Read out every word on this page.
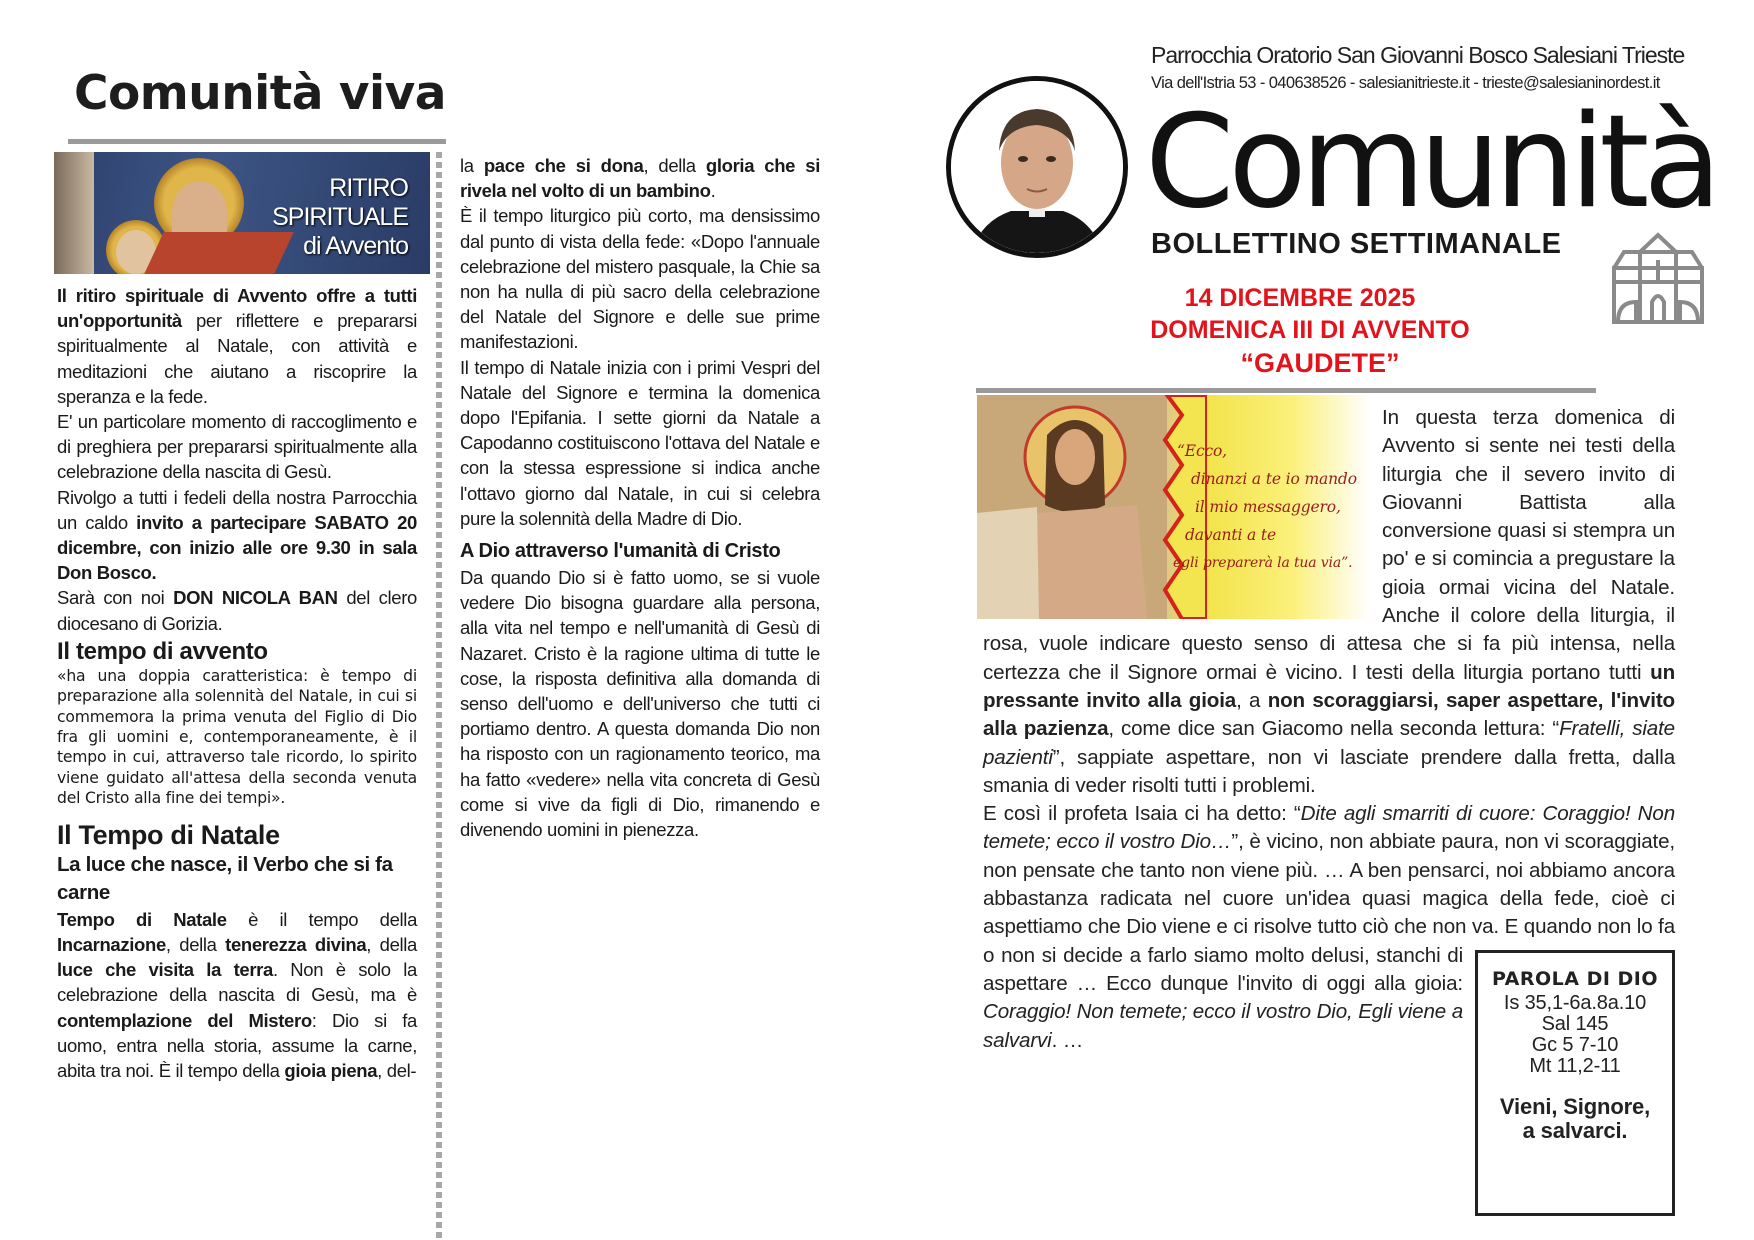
Comunità viva
RITIRO
SPIRITUALE
di Avvento

Il ritiro spirituale di Avvento offre a tutti un'opportunità per riflettere e prepararsi spiritualmente al Natale, con attività e meditazioni che aiutano a riscoprire la speranza e la fede.

E' un particolare momento di raccoglimento e di preghiera per prepararsi spiritualmente alla celebrazione della nascita di Gesù.

Rivolgo a tutti i fedeli della nostra Parrocchia un caldo invito a partecipare SABATO 20 dicembre, con inizio alle ore 9.30 in sala Don Bosco.

Sarà con noi DON NICOLA BAN del clero diocesano di Gorizia.

Il tempo di avvento

«ha una doppia caratteristica: è tempo di preparazione alla solennità del Natale, in cui si commemora la prima venuta del Figlio di Dio fra gli uomini e, contemporaneamente, è il tempo in cui, attraverso tale ricordo, lo spirito viene guidato all'attesa della seconda venuta del Cristo alla fine dei tempi».

Il Tempo di Natale

La luce che nasce, il Verbo che si fa carne

Tempo di Natale è il tempo della Incarnazione, della tenerezza divina, della luce che visita la terra. Non è solo la celebrazione della nascita di Gesù, ma è contemplazione del Mistero: Dio si fa uomo, entra nella storia, assume la carne, abita tra noi. È il tempo della gioia piena, del-

la pace che si dona, della gloria che si rivela nel volto di un bambino.

È il tempo liturgico più corto, ma densissimo dal punto di vista della fede: «Dopo l'annuale celebrazione del mistero pasquale, la Chie sa non ha nulla di più sacro della celebrazione del Natale del Signore e delle sue prime manifestazioni.

Il tempo di Natale inizia con i primi Vespri del Natale del Signore e termina la domenica dopo l'Epifania. I sette giorni da Natale a Capodanno costituiscono l'ottava del Natale e con la stessa espressione si indica anche l'ottavo giorno dal Natale, in cui si celebra pure la solennità della Madre di Dio.

A Dio attraverso l'umanità di Cristo

Da quando Dio si è fatto uomo, se si vuole vedere Dio bisogna guardare alla persona, alla vita nel tempo e nell'umanità di Gesù di Nazaret. Cristo è la ragione ultima di tutte le cose, la risposta definitiva alla domanda di senso dell'uomo e dell'universo che tutti ci portiamo dentro. A questa domanda Dio non ha risposto con un ragionamento teorico, ma ha fatto «vedere» nella vita concreta di Gesù come si vive da figli di Dio, rimanendo e divenendo uomini in pienezza.

Parrocchia Oratorio San Giovanni Bosco Salesiani Trieste
Via dell'Istria 53 - 040638526 - salesianitrieste.it - trieste@salesianinordest.it
Comunità
BOLLETTINO SETTIMANALE
14 DICEMBRE 2025
DOMENICA III DI AVVENTO
“GAUDETE”
“Ecco,
dinanzi a te io mando
il mio messaggero,
davanti a te
egli preparerà la tua via”.
PAROLA DI DIO
Is 35,1-6a.8a.10
Sal 145
Gc 5 7-10
Mt 11,2-11
Vieni, Signore,
a salvarci.

In questa terza domenica di Avvento si sente nei testi della liturgia che il severo invito di Giovanni Battista alla conversione quasi si stempra un po' e si comincia a pregustare la gioia ormai vicina del Natale. Anche il colore della liturgia, il rosa, vuole indicare questo senso di attesa che si fa più intensa, nella certezza che il Signore ormai è vicino. I testi della liturgia portano tutti un pressante invito alla gioia, a non scoraggiarsi, saper aspettare, l'invito alla pazienza, come dice san Giacomo nella seconda lettura: “Fratelli, siate pazienti”, sappiate aspettare, non vi lasciate prendere dalla fretta, dalla smania di veder risolti tutti i problemi.

E così il profeta Isaia ci ha detto: “Dite agli smarriti di cuore: Coraggio! Non temete; ecco il vostro Dio…”, è vicino, non abbiate paura, non vi scoraggiate, non pensate che tanto non viene più. … A ben pensarci, noi abbiamo ancora abbastanza radicata nel cuore un'idea quasi magica della fede, cioè ci aspettiamo che Dio viene e ci risolve tutto ciò che non va. E quando non lo fa o non si decide a farlo siamo molto delusi, stanchi di aspettare … Ecco dunque l'invito di oggi alla gioia: Coraggio! Non temete; ecco il vostro Dio, Egli viene a salvarvi. …
